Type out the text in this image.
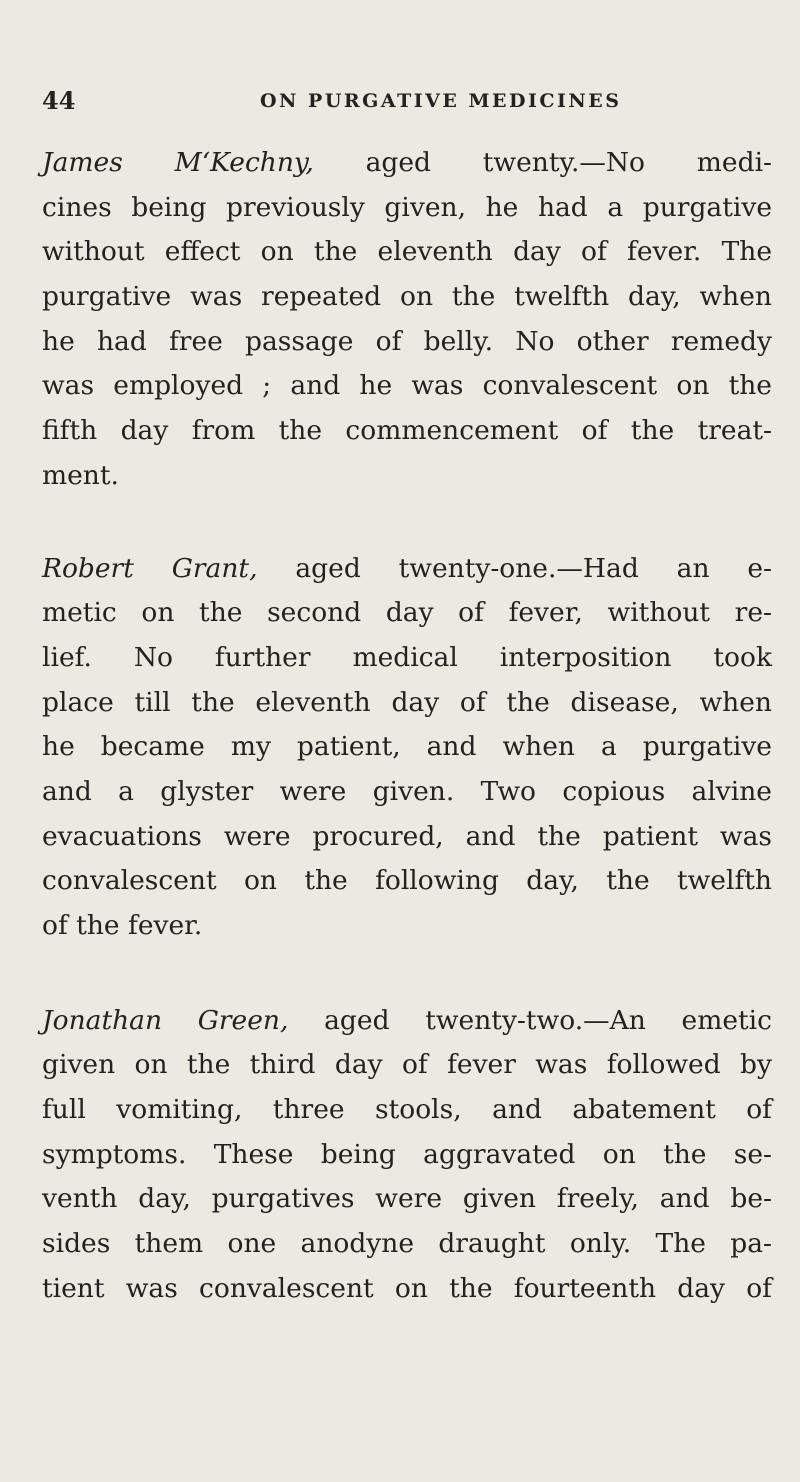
44	ON PURGATIVE MEDICINES
James M‘Kechny, aged twenty.—No medi-
cines being previously given, he had a purgative
without effect on the eleventh day of fever. The
purgative was repeated on the twelfth day, when
he had free passage of belly. No other remedy
was employed ; and he was convalescent on the
fifth day from the commencement of the treat-
ment.
Robert Grant, aged twenty-one.—Had an e-
metic on the second day of fever, without re-
lief. No further medical interposition took
place till the eleventh day of the disease, when
he became my patient, and when a purgative
and a glyster were given. Two copious alvine
evacuations were procured, and the patient was
convalescent on the following day, the twelfth
of the fever.
Jonathan Green, aged twenty-two.—An emetic
given on the third day of fever was followed by
full vomiting, three stools, and abatement of
symptoms. These being aggravated on the se-
venth day, purgatives were given freely, and be-
sides them one anodyne draught only. The pa-
tient was convalescent on the fourteenth day of
